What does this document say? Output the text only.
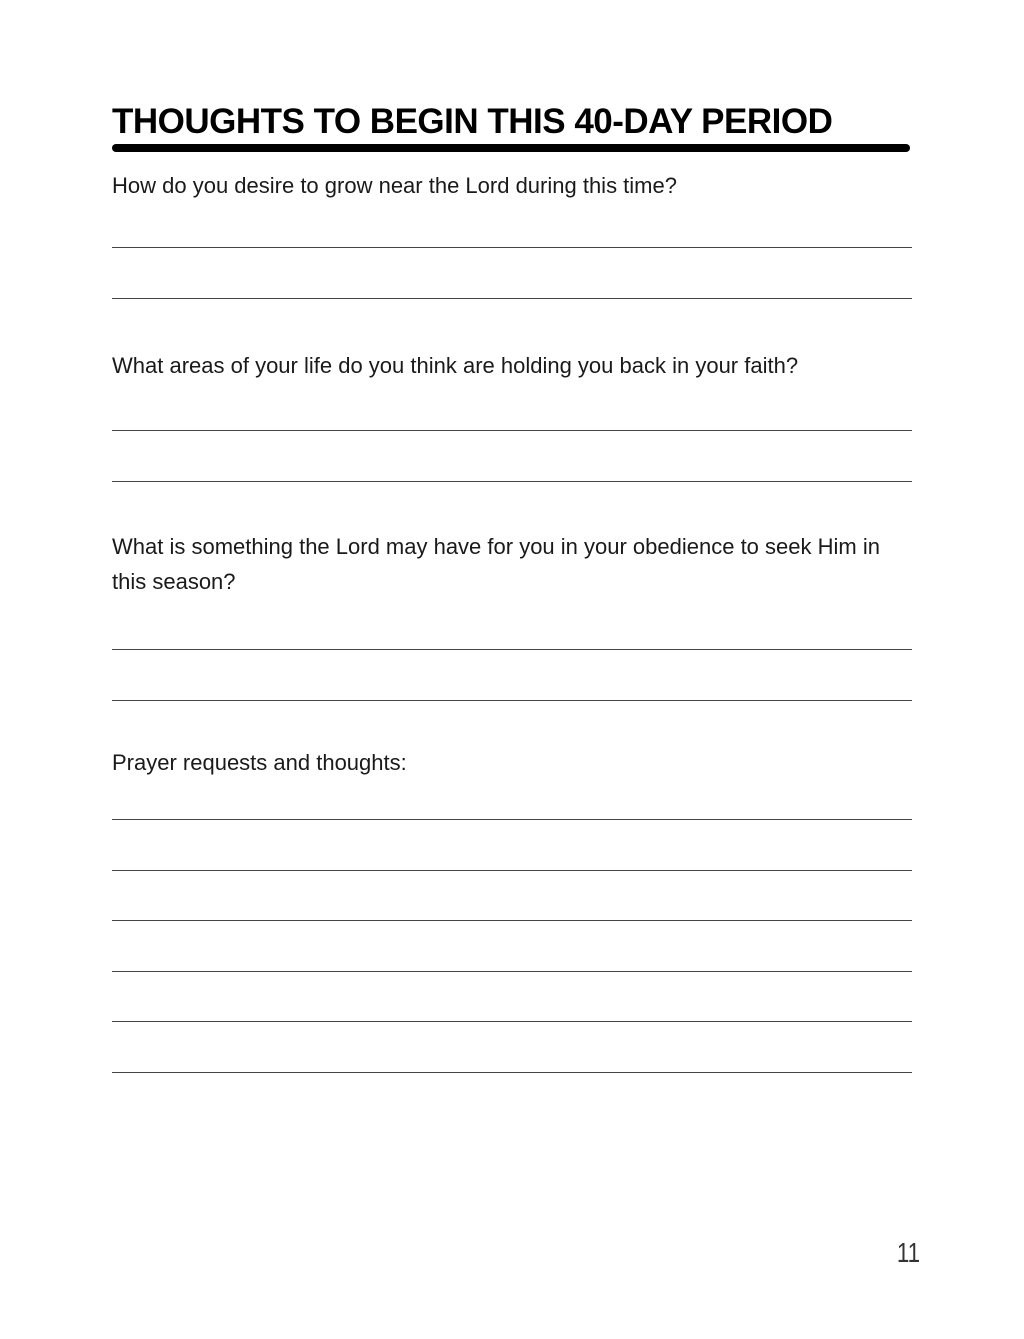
THOUGHTS TO BEGIN THIS 40-DAY PERIOD

How do you desire to grow near the Lord during this time?

What areas of your life do you think are holding you back in your faith?

What is something the Lord may have for you in your obedience to seek Him in this season?

Prayer requests and thoughts:

11
